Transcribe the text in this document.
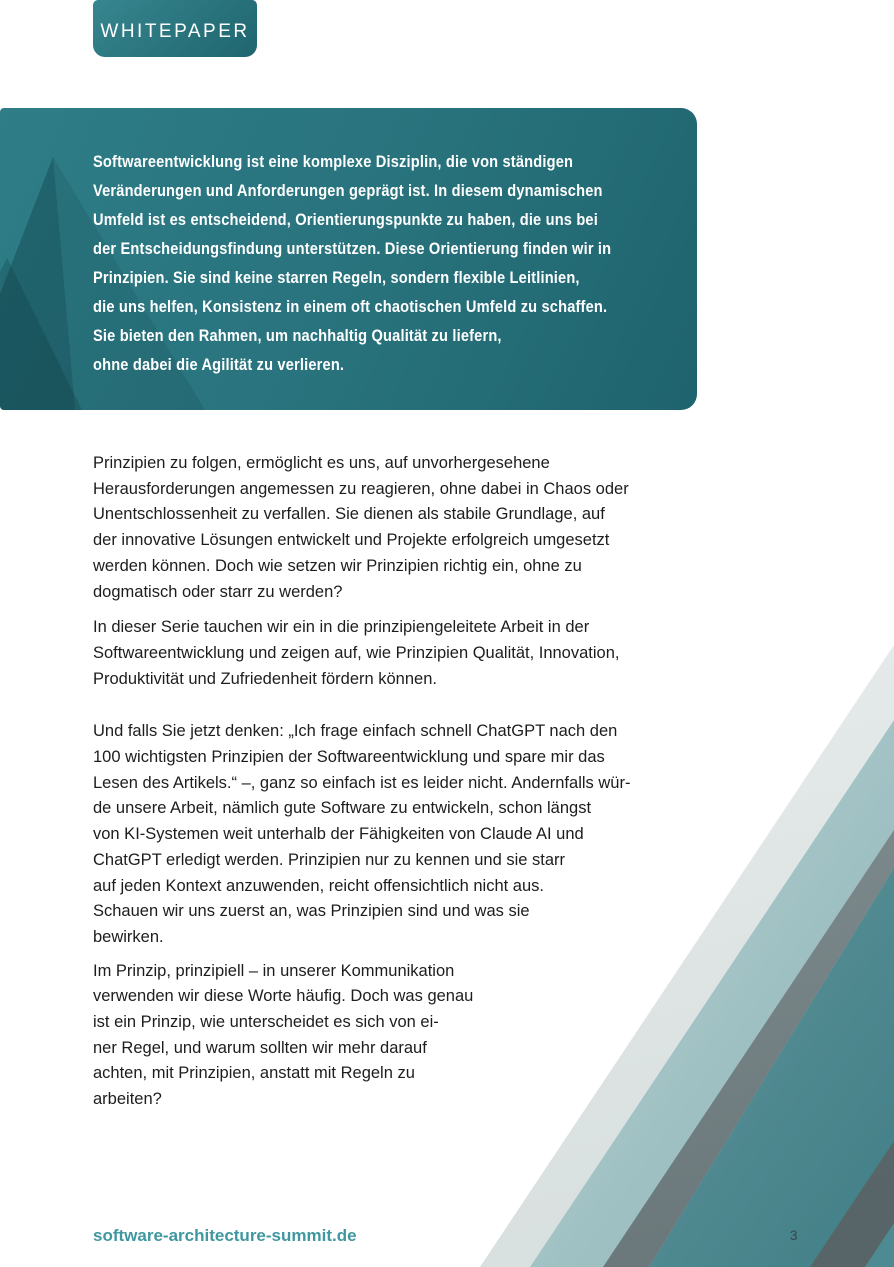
WHITEPAPER
Softwareentwicklung ist eine komplexe Disziplin, die von ständigen
Veränderungen und Anforderungen geprägt ist. In diesem dynamischen
Umfeld ist es entscheidend, Orientierungspunkte zu haben, die uns bei
der Entscheidungsfindung unterstützen. Diese Orientierung finden wir in
Prinzipien. Sie sind keine starren Regeln, sondern flexible Leitlinien,
die uns helfen, Konsistenz in einem oft chaotischen Umfeld zu schaffen.
Sie bieten den Rahmen, um nachhaltig Qualität zu liefern,
ohne dabei die Agilität zu verlieren.
Prinzipien zu folgen, ermöglicht es uns, auf unvorhergesehene
Herausforderungen angemessen zu reagieren, ohne dabei in Chaos oder
Unentschlossenheit zu verfallen. Sie dienen als stabile Grundlage, auf
der innovative Lösungen entwickelt und Projekte erfolgreich umgesetzt
werden können. Doch wie setzen wir Prinzipien richtig ein, ohne zu
dogmatisch oder starr zu werden?
In dieser Serie tauchen wir ein in die prinzipiengeleitete Arbeit in der
Softwareentwicklung und zeigen auf, wie Prinzipien Qualität, Innovation,
Produktivität und Zufriedenheit fördern können.
Und falls Sie jetzt denken: „Ich frage einfach schnell ChatGPT nach den
100 wichtigsten Prinzipien der Softwareentwicklung und spare mir das
Lesen des Artikels.“ –, ganz so einfach ist es leider nicht. Andernfalls wür-
de unsere Arbeit, nämlich gute Software zu entwickeln, schon längst
von KI-Systemen weit unterhalb der Fähigkeiten von Claude AI und
ChatGPT erledigt werden. Prinzipien nur zu kennen und sie starr
auf jeden Kontext anzuwenden, reicht offensichtlich nicht aus.
Schauen wir uns zuerst an, was Prinzipien sind und was sie
bewirken.
Im Prinzip, prinzipiell – in unserer Kommunikation
verwenden wir diese Worte häufig. Doch was genau
ist ein Prinzip, wie unterscheidet es sich von ei-
ner Regel, und warum sollten wir mehr darauf
achten, mit Prinzipien, anstatt mit Regeln zu
arbeiten?
software-architecture-summit.de	3
